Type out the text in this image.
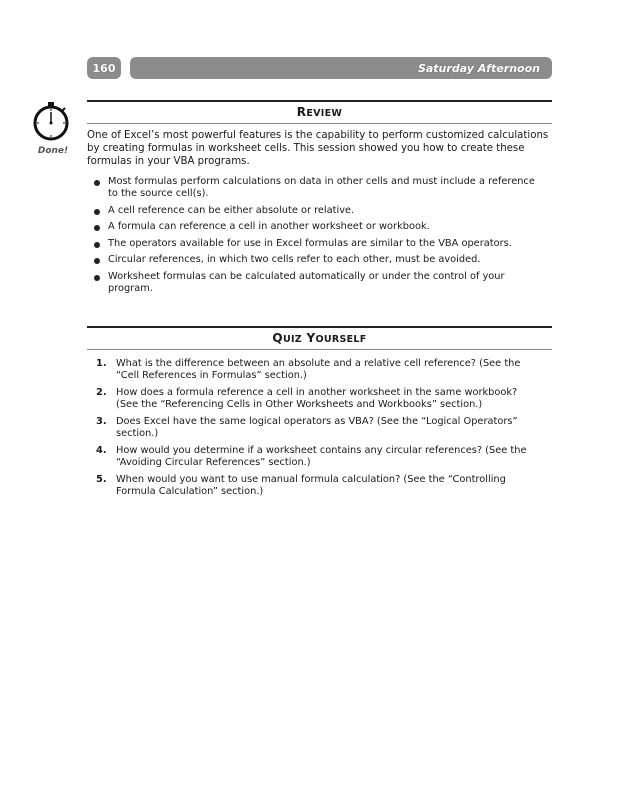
160	Saturday Afternoon
Done!
REVIEW

One of Excel’s most powerful features is the capability to perform customized calculations by creating formulas in worksheet cells. This session showed you how to create these formulas in your VBA programs.

Most formulas perform calculations on data in other cells and must include a reference to the source cell(s).
A cell reference can be either absolute or relative.
A formula can reference a cell in another worksheet or workbook.
The operators available for use in Excel formulas are similar to the VBA operators.
Circular references, in which two cells refer to each other, must be avoided.
Worksheet formulas can be calculated automatically or under the control of your program.
QUIZ YOURSELF
1. What is the difference between an absolute and a relative cell reference? (See the “Cell References in Formulas” section.)
2. How does a formula reference a cell in another worksheet in the same workbook? (See the “Referencing Cells in Other Worksheets and Workbooks” section.)
3. Does Excel have the same logical operators as VBA? (See the “Logical Operators” section.)
4. How would you determine if a worksheet contains any circular references? (See the “Avoiding Circular References” section.)
5. When would you want to use manual formula calculation? (See the “Controlling Formula Calculation” section.)
